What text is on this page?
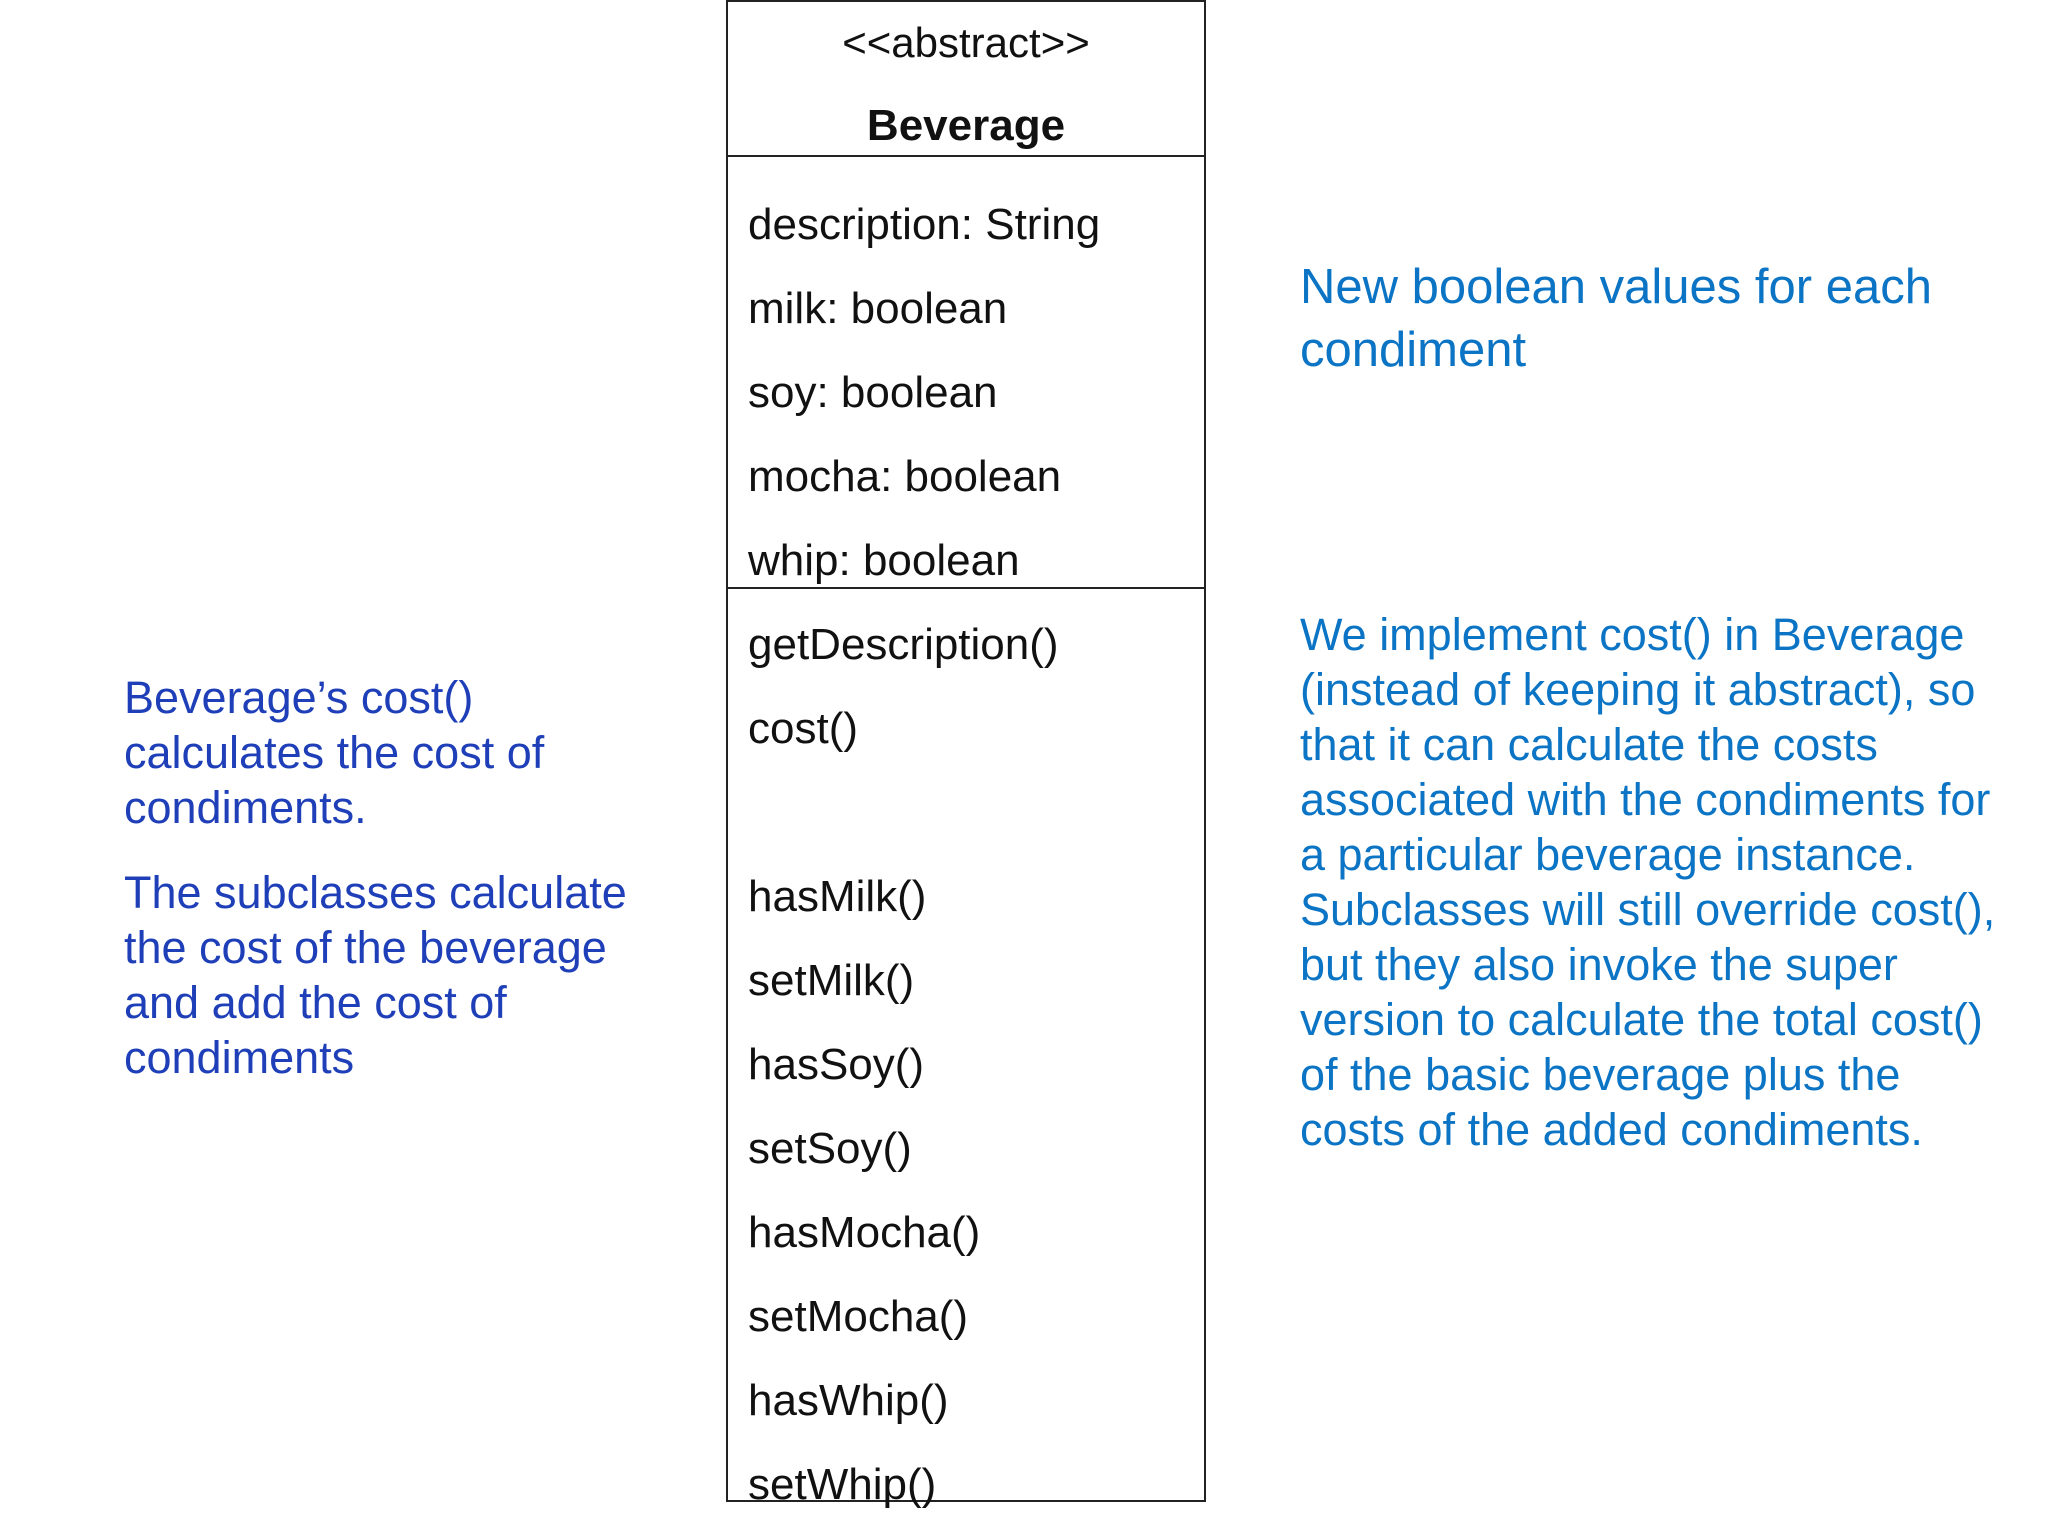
<<abstract>>
Beverage
description: String
milk: boolean
soy: boolean
mocha: boolean
whip: boolean
getDescription()
cost()
hasMilk()
setMilk()
hasSoy()
setSoy()
hasMocha()
setMocha()
hasWhip()
setWhip()

Beverage’s cost() calculates the cost of condiments.

The subclasses calculate the cost of the beverage and add the cost of condiments

New boolean values for each condiment

We implement cost() in Beverage (instead of keeping it abstract), so that it can calculate the costs associated with the condiments for a particular beverage instance. Subclasses will still override cost(), but they also invoke the super version to calculate the total cost() of the basic beverage plus the costs of the added condiments.
